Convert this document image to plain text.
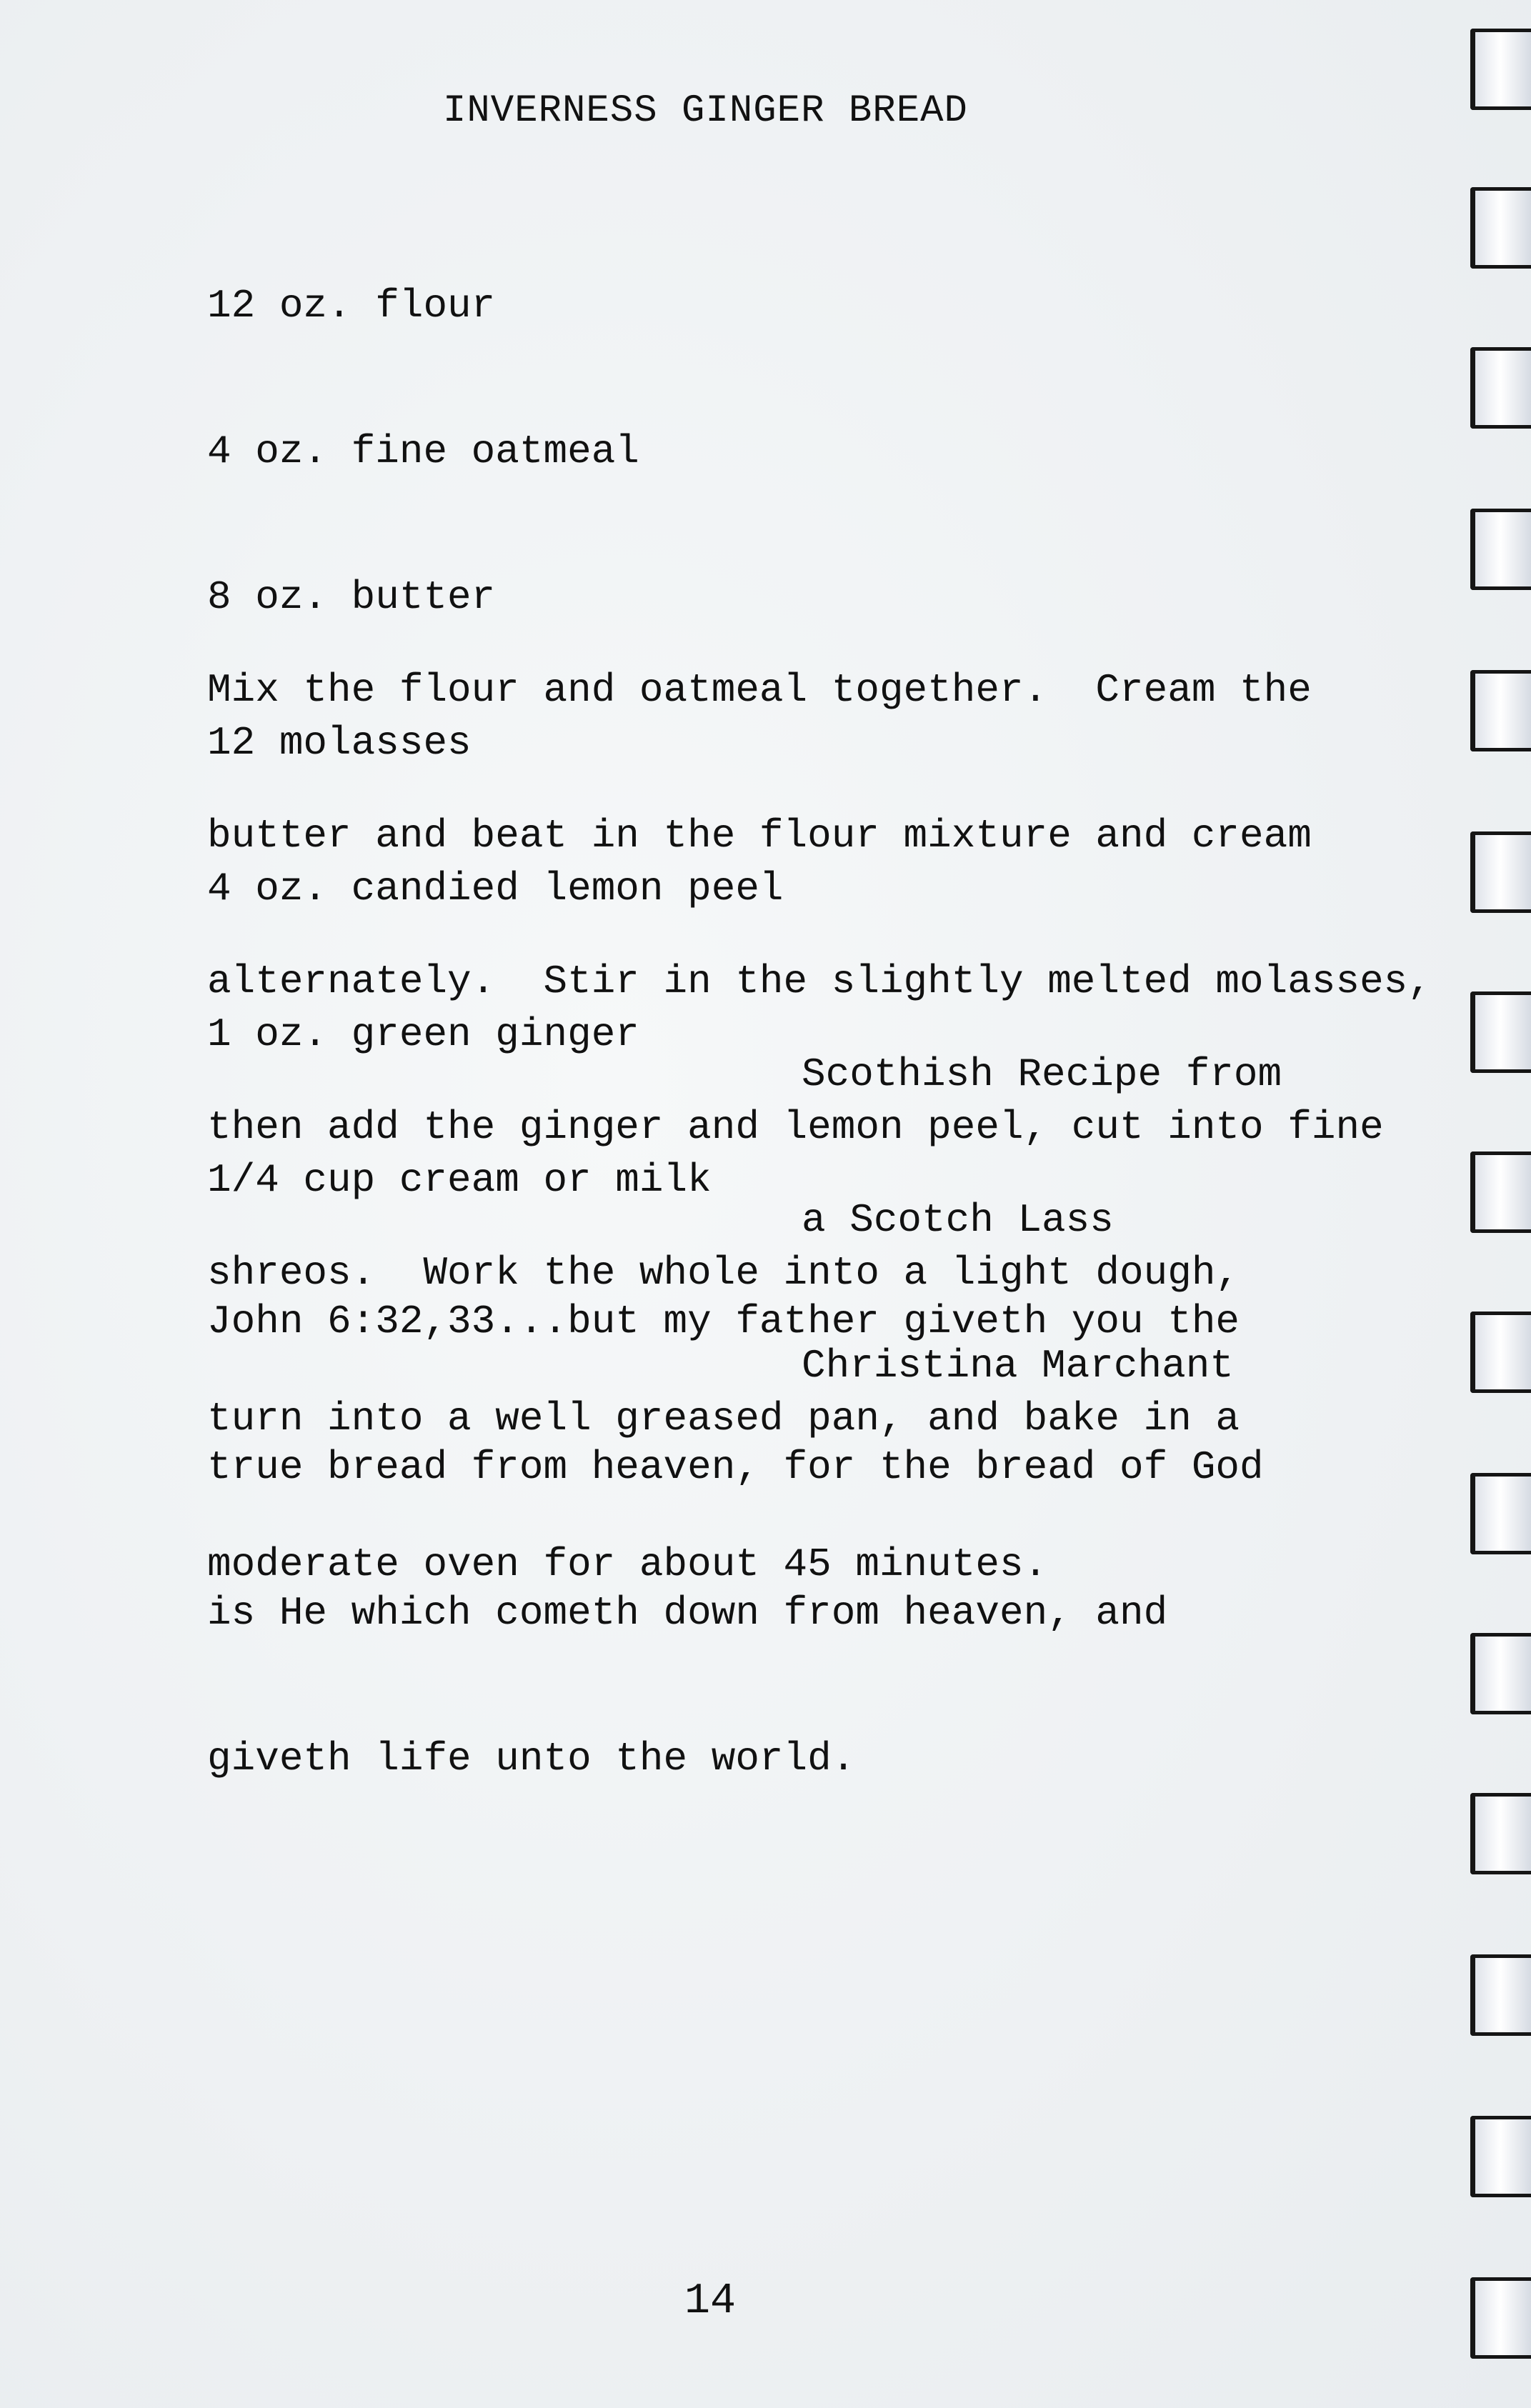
INVERNESS GINGER BREAD

12 oz. flour

4 oz. fine oatmeal

8 oz. butter

12 molasses

4 oz. candied lemon peel

1 oz. green ginger

1/4 cup cream or milk

Mix the flour and oatmeal together.  Cream the

butter and beat in the flour mixture and cream

alternately.  Stir in the slightly melted molasses,

then add the ginger and lemon peel, cut into fine

shreos.  Work the whole into a light dough,

turn into a well greased pan, and bake in a

moderate oven for about 45 minutes.

Scothish Recipe from

a Scotch Lass

Christina Marchant

John 6:32,33...but my father giveth you the

true bread from heaven, for the bread of God

is He which cometh down from heaven, and

giveth life unto the world.

14
